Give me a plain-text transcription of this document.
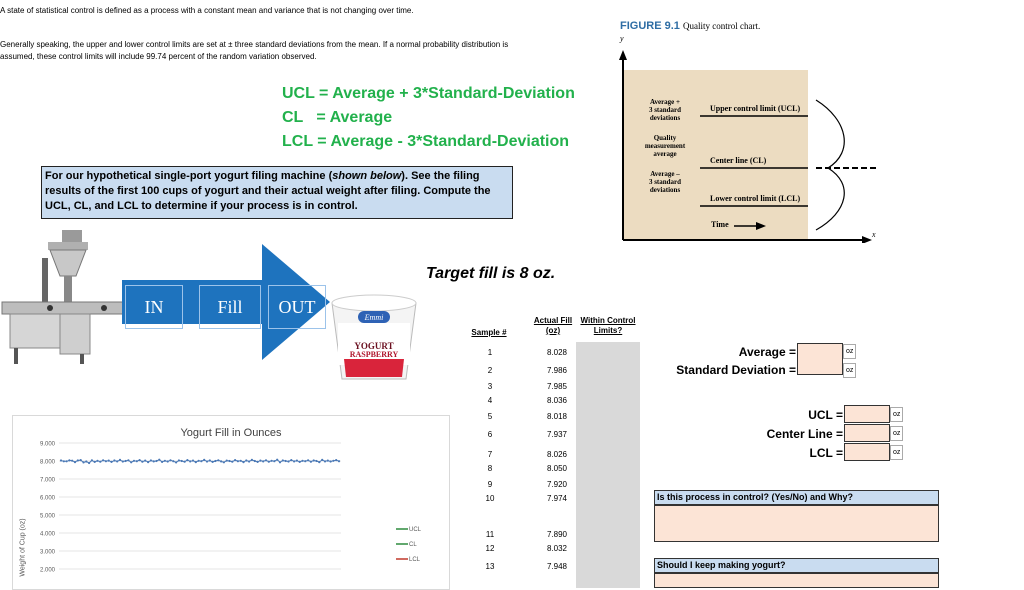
A state of statistical control is defined as a process with a constant mean and variance that is not changing over time.
Generally speaking, the upper and lower control limits are set at ± three standard deviations from the mean. If a normal probability distribution is
assumed, these control limits will include 99.74 percent of the random variation observed.
UCL = Average + 3*Standard-Deviation
CL   = Average
LCL = Average - 3*Standard-Deviation
For our hypothetical single-port yogurt filing machine (shown below). See the filing results of the first 100 cups of yogurt and their actual weight after filing. Compute the UCL, CL, and LCL to determine if your process is in control.
IN	Fill	OUT
Emmi
YOGURT
RASPBERRY
Target fill is 8 oz.
FIGURE 9.1 Quality control chart.
y
Average +
3 standard
deviations
Quality
measurement
average
Average –
3 standard
deviations
Upper control limit (UCL)
Center line (CL)
Lower control limit (LCL)
Time
x
Sample #
Actual Fill
(oz)
Within Control
Limits?
1	8.028
2	7.986
3	7.985
4	8.036
5	8.018
6	7.937
7	8.026
8	8.050
9	7.920
10	7.974
11	7.890
12	8.032
13	7.948
Average =	oz
Standard Deviation =	oz
UCL =	oz
Center Line =	oz
LCL =	oz
Is this process in control? (Yes/No) and Why?
Should I keep making yogurt?
Yogurt Fill in Ounces
9.000
8.000
7.000
6.000
5.000
4.000
3.000
2.000
UCL
CL
LCL
Weight of Cup (oz)
